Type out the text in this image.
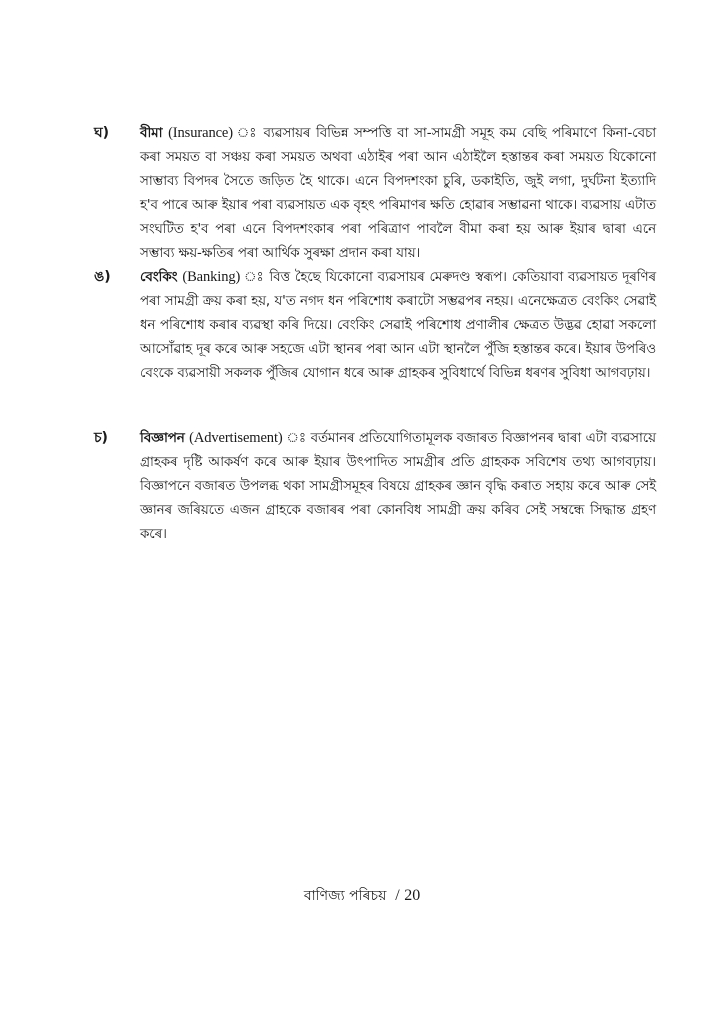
ঘ)	বীমা (Insurance) ব্যৱসায়ৰ বিভিন্ন সম্পত্তি বা সা-সামগ্ৰী সমূহ কম বেছি পৰিমাণে কিনা-বেচা কৰা সময়ত বা সঞ্চয় কৰা সময়ত অথবা এঠাইৰ পৰা আন এঠাইলৈ হস্তান্তৰ কৰা সময়ত যিকোনো সাম্ভাব্য বিপদৰ সৈতে জড়িত হৈ থাকে। এনে বিপদশংকা চুৰি, ডকাইতি, জুই লগা, দুৰ্ঘটনা ইত্যাদি হ'ব পাৰে আৰু ইয়াৰ পৰা ব্যৱসায়ত এক বৃহৎ পৰিমাণৰ ক্ষতি হোৱাৰ সম্ভাৱনা থাকে। ব্যৱসায় এটাত সংঘটিত হ'ব পৰা এনে বিপদশংকাৰ পৰা পৰিত্ৰাণ পাবলৈ বীমা কৰা হয় আৰু ইয়াৰ দ্বাৰা এনে সম্ভাব্য ক্ষয়-ক্ষতিৰ পৰা আৰ্থিক সুৰক্ষা প্ৰদান কৰা যায়।
ঙ)	বেংকিং (Banking) বিত্ত হৈছে যিকোনো ব্যৱসায়ৰ মেৰুদণ্ড স্বৰূপ। কেতিয়াবা ব্যৱসায়ত দূৰণিৰ পৰা সামগ্ৰী ক্ৰয় কৰা হয়, য'ত নগদ ধন পৰিশোধ কৰাটো সম্ভৱপৰ নহয়। এনেক্ষেত্ৰত বেংকিং সেৱাই ধন পৰিশোধ কৰাৰ ব্যৱস্থা কৰি দিয়ে। বেংকিং সেৱাই পৰিশোধ প্ৰণালীৰ ক্ষেত্ৰত উদ্ভৱ হোৱা সকলো আসোঁৱাহ দূৰ কৰে আৰু সহজে এটা স্থানৰ পৰা আন এটা স্থানলৈ পুঁজি হস্তান্তৰ কৰে। ইয়াৰ উপৰিও বেংকে ব্যৱসায়ী সকলক পুঁজিৰ যোগান ধৰে আৰু গ্ৰাহকৰ সুবিধাৰ্থে বিভিন্ন ধৰণৰ সুবিধা আগবঢ়ায়।
চ)	বিজ্ঞাপন (Advertisement) বৰ্তমানৰ প্ৰতিযোগিতামূলক বজাৰত বিজ্ঞাপনৰ দ্বাৰা এটা ব্যৱসায়ে গ্ৰাহকৰ দৃষ্টি আকৰ্ষণ কৰে আৰু ইয়াৰ উৎপাদিত সামগ্ৰীৰ প্ৰতি গ্ৰাহকক সবিশেষ তথ্য আগবঢ়ায়। বিজ্ঞাপনে বজাৰত উপলব্ধ থকা সামগ্ৰীসমূহৰ বিষয়ে গ্ৰাহকৰ জ্ঞান বৃদ্ধি কৰাত সহায় কৰে আৰু সেই জ্ঞানৰ জৰিয়তে এজন গ্ৰাহকে বজাৰৰ পৰা কোনবিধ সামগ্ৰী ক্ৰয় কৰিব সেই সম্বন্ধে সিদ্ধান্ত গ্ৰহণ কৰে।
বাণিজ্য পৰিচয় / 20
